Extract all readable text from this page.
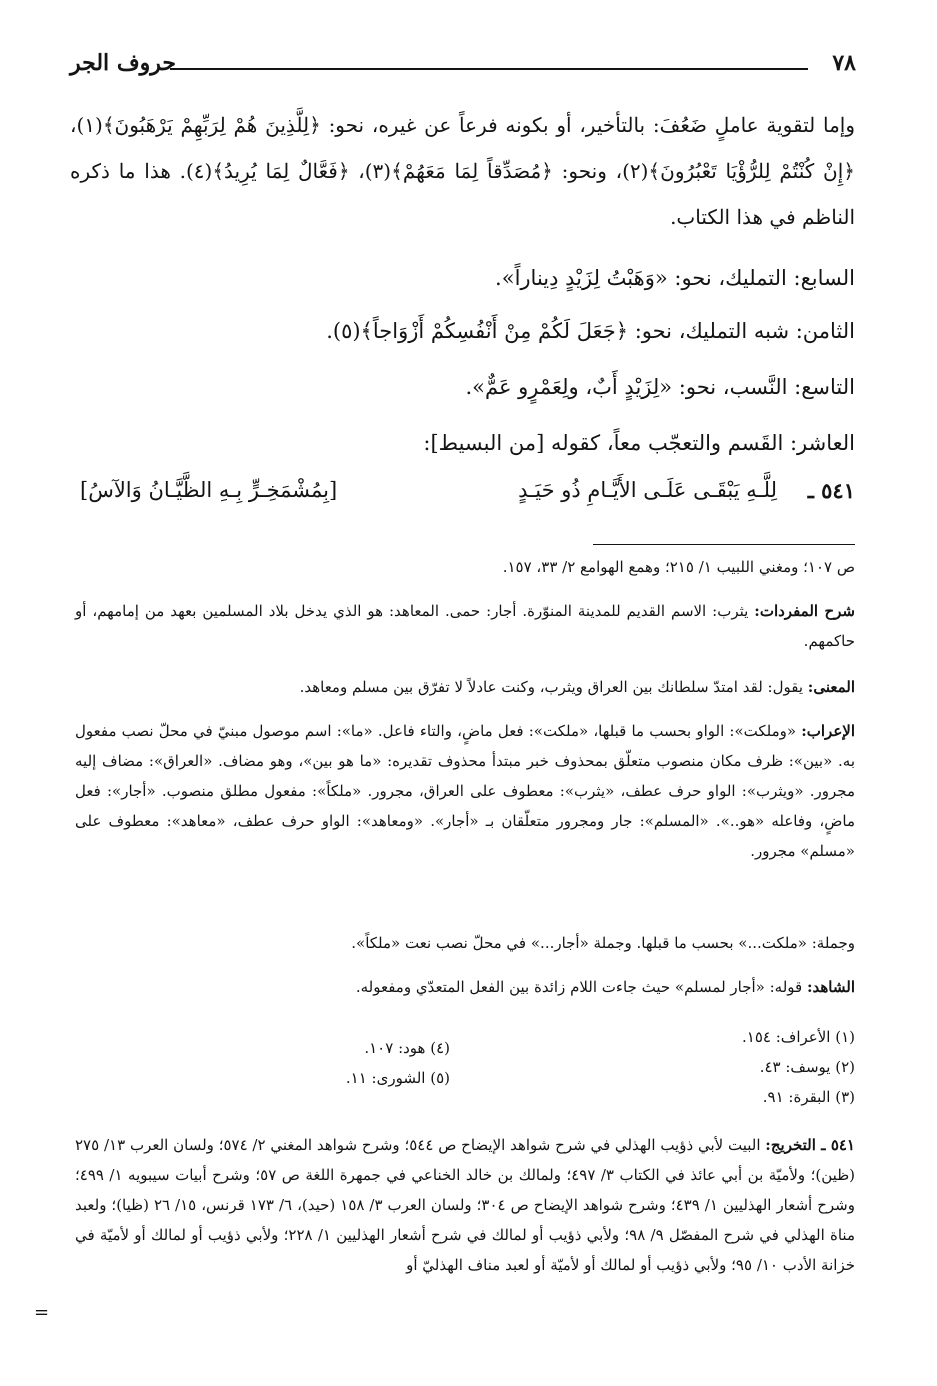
٧٨
حروف الجر

وإما لتقوية عاملٍ ضَعُفَ: بالتأخير، أو بكونه فرعاً عن غيره، نحو: ﴿لِلَّذِينَ هُمْ لِرَبِّهِمْ يَرْهَبُونَ﴾(١)، ﴿إِنْ كُنْتُمْ لِلرُّؤْيَا تَعْبُرُونَ﴾(٢)، ونحو: ﴿مُصَدِّقاً لِمَا مَعَهُمْ﴾(٣)، ﴿فَعَّالٌ لِمَا يُرِيدُ﴾(٤). هذا ما ذكره الناظم في هذا الكتاب.

السابع: التمليك، نحو: «وَهَبْتُ لِزَيْدٍ دِيناراً».
الثامن: شبه التمليك، نحو: ﴿جَعَلَ لَكُمْ مِنْ أَنْفُسِكُمْ أَزْوَاجاً﴾(٥).
التاسع: النَّسب، نحو: «لِزَيْدٍ أَبٌ، ولِعَمْرٍو عَمٌّ».
العاشر: القَسم والتعجّب معاً، كقوله [من البسيط]:
٥٤١ ـ
لِلَّـهِ يَبْقَـى عَلَـى الأَيَّـامِ ذُو حَيَـدٍ
[بِمُشْمَخِـرٍّ بِـهِ الظَّيَّـانُ وَالآسُ]
ص ١٠٧؛ ومغني اللبيب ١/ ٢١٥؛ وهمع الهوامع ٢/ ٣٣، ١٥٧.
شرح المفردات: يثرب: الاسم القديم للمدينة المنوّرة. أجار: حمى. المعاهد: هو الذي يدخل بلاد المسلمين بعهد من إمامهم، أو حاكمهم.
المعنى: يقول: لقد امتدّ سلطانك بين العراق ويثرب، وكنت عادلاً لا تفرّق بين مسلم ومعاهد.
الإعراب: «وملكت»: الواو بحسب ما قبلها، «ملكت»: فعل ماضٍ، والتاء فاعل. «ما»: اسم موصول مبنيّ في محلّ نصب مفعول به. «بين»: ظرف مكان منصوب متعلّق بمحذوف خبر مبتدأ محذوف تقديره: «ما هو بين»، وهو مضاف. «العراق»: مضاف إليه مجرور. «ويثرب»: الواو حرف عطف، «يثرب»: معطوف على العراق، مجرور. «ملكاً»: مفعول مطلق منصوب. «أجار»: فعل ماضٍ، وفاعله «هو..». «المسلم»: جار ومجرور متعلّقان بـ «أجار». «ومعاهد»: الواو حرف عطف، «معاهد»: معطوف على «مسلم» مجرور.
وجملة: «ملكت...» بحسب ما قبلها. وجملة «أجار...» في محلّ نصب نعت «ملكاً».
الشاهد: قوله: «أجار لمسلم» حيث جاءت اللام زائدة بين الفعل المتعدّي ومفعوله.
(١) الأعراف: ١٥٤.
(٢) يوسف: ٤٣.
(٣) البقرة: ٩١.
(٤) هود: ١٠٧.
(٥) الشورى: ١١.
٥٤١ ـ التخريج: البيت لأبي ذؤيب الهذلي في شرح شواهد الإيضاح ص ٥٤٤؛ وشرح شواهد المغني ٢/ ٥٧٤؛ ولسان العرب ١٣/ ٢٧٥ (ظين)؛ ولأميّة بن أبي عائذ في الكتاب ٣/ ٤٩٧؛ ولمالك بن خالد الخناعي في جمهرة اللغة ص ٥٧؛ وشرح أبيات سيبويه ١/ ٤٩٩؛ وشرح أشعار الهذليين ١/ ٤٣٩؛ وشرح شواهد الإيضاح ص ٣٠٤؛ ولسان العرب ٣/ ١٥٨ (حيد)، ٦/ ١٧٣ قرنس، ١٥/ ٢٦ (ظيا)؛ ولعبد مناة الهذلي في شرح المفصّل ٩/ ٩٨؛ ولأبي ذؤيب أو لمالك في شرح أشعار الهذليين ١/ ٢٢٨؛ ولأبي ذؤيب أو لمالك أو لأميّة في خزانة الأدب ١٠/ ٩٥؛ ولأبي ذؤيب أو لمالك أو لأميّة أو لعبد مناف الهذليّ أو
=
